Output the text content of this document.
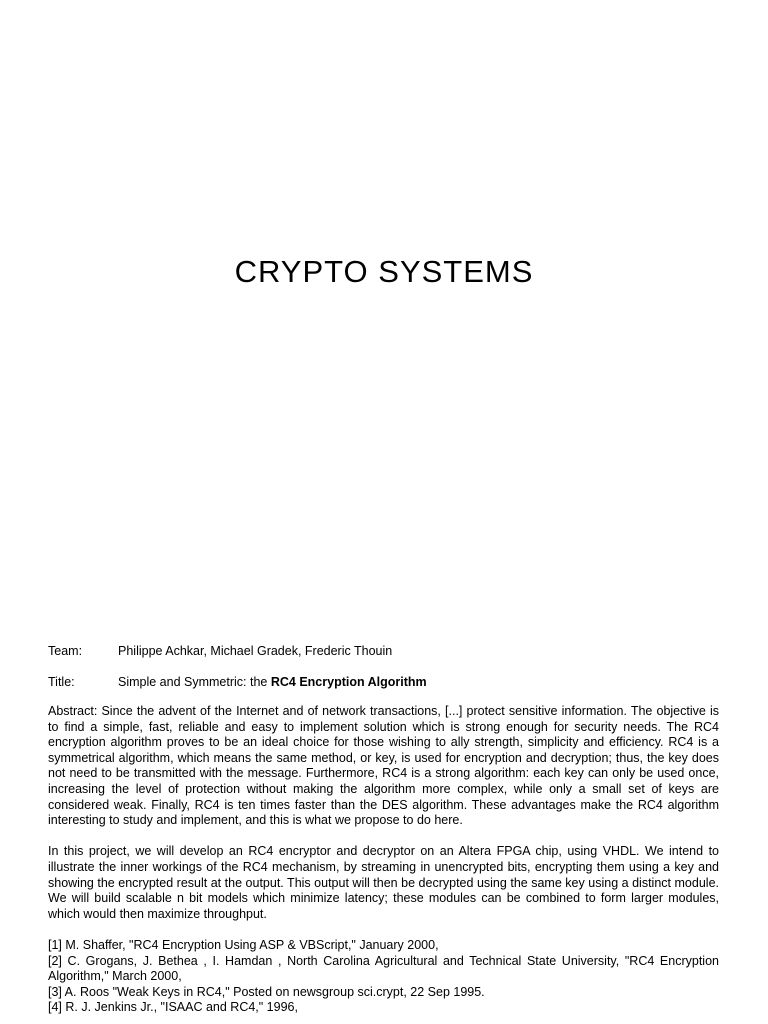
CRYPTO SYSTEMS
Team:	Philippe Achkar, Michael Gradek, Frederic Thouin
Title:	Simple and Symmetric: the RC4 Encryption Algorithm

Abstract: Since the advent of the Internet and of network transactions, [...] protect sensitive information. The objective is to find a simple, fast, reliable and easy to implement solution which is strong enough for security needs. The RC4 encryption algorithm proves to be an ideal choice for those wishing to ally strength, simplicity and efficiency. RC4 is a symmetrical algorithm, which means the same method, or key, is used for encryption and decryption; thus, the key does not need to be transmitted with the message. Furthermore, RC4 is a strong algorithm: each key can only be used once, increasing the level of protection without making the algorithm more complex, while only a small set of keys are considered weak. Finally, RC4 is ten times faster than the DES algorithm. These advantages make the RC4 algorithm interesting to study and implement, and this is what we propose to do here.

In this project, we will develop an RC4 encryptor and decryptor on an Altera FPGA chip, using VHDL. We intend to illustrate the inner workings of the RC4 mechanism, by streaming in unencrypted bits, encrypting them using a key and showing the encrypted result at the output. This output will then be decrypted using the same key using a distinct module. We will build scalable n bit models which minimize latency; these modules can be combined to form larger modules, which would then maximize throughput.

[1] M. Shaffer, "RC4 Encryption Using ASP & VBScript," January 2000,

[2] C. Grogans, J. Bethea , I. Hamdan , North Carolina Agricultural and Technical State University, "RC4 Encryption Algorithm," March 2000,

[3] A. Roos "Weak Keys in RC4," Posted on newsgroup sci.crypt, 22 Sep 1995.

[4] R. J. Jenkins Jr., "ISAAC and RC4," 1996,
